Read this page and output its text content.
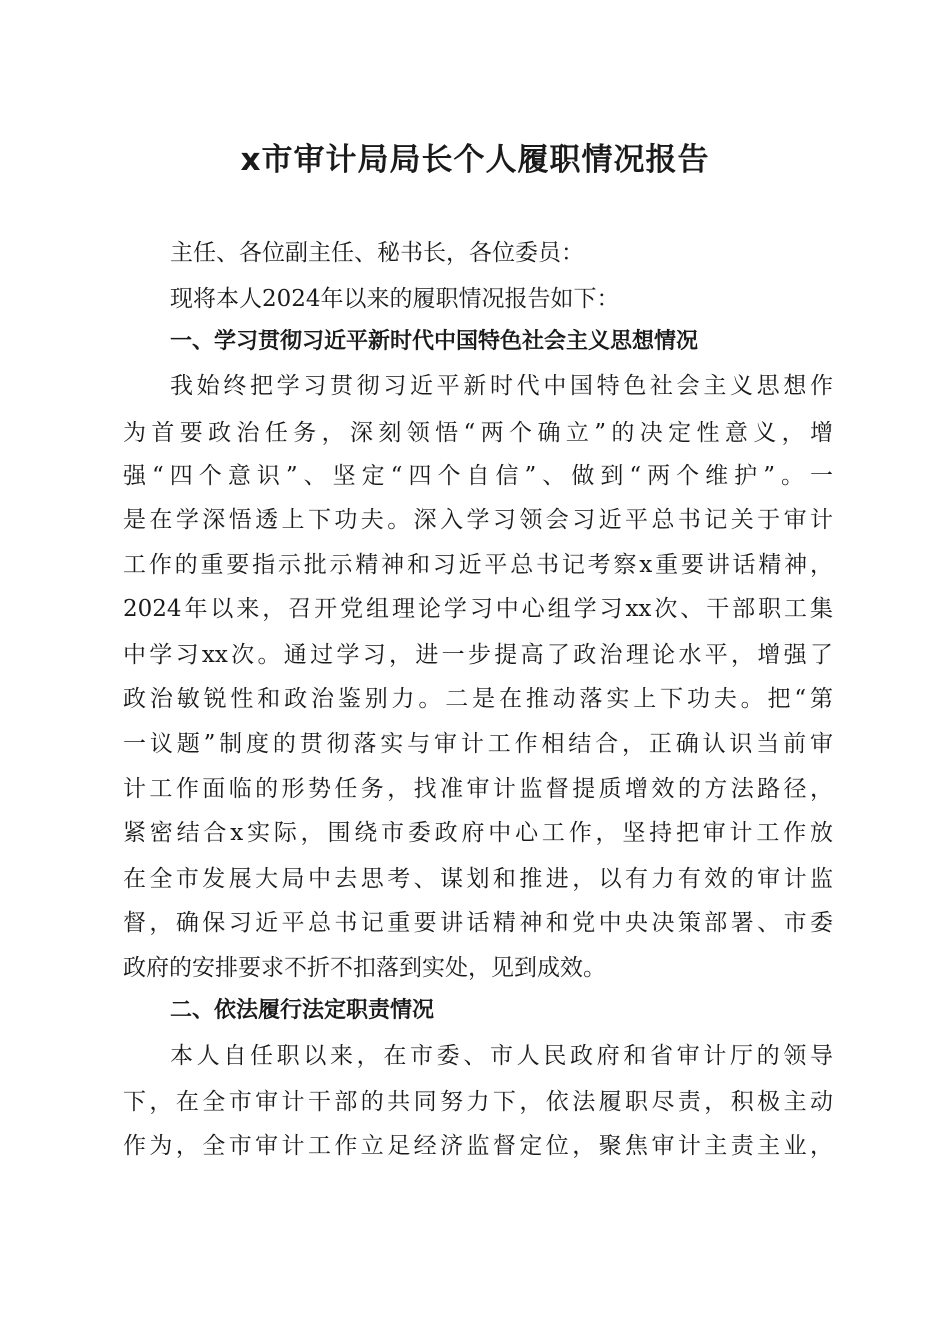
x市审计局局长个人履职情况报告
主任、各位副主任、秘书长，各位委员：
现将本人2024年以来的履职情况报告如下：
一、学习贯彻习近平新时代中国特色社会主义思想情况
我始终把学习贯彻习近平新时代中国特色社会主义思想作
为首要政治任务，深刻领悟“两个确立”的决定性意义，增
强“四个意识”、坚定“四个自信”、做到“两个维护”。一
是在学深悟透上下功夫。深入学习领会习近平总书记关于审计
工作的重要指示批示精神和习近平总书记考察x重要讲话精神，
2024年以来，召开党组理论学习中心组学习xx次、干部职工集
中学习xx次。通过学习，进一步提高了政治理论水平，增强了
政治敏锐性和政治鉴别力。二是在推动落实上下功夫。把“第
一议题”制度的贯彻落实与审计工作相结合，正确认识当前审
计工作面临的形势任务，找准审计监督提质增效的方法路径，
紧密结合x实际，围绕市委政府中心工作，坚持把审计工作放
在全市发展大局中去思考、谋划和推进，以有力有效的审计监
督，确保习近平总书记重要讲话精神和党中央决策部署、市委
政府的安排要求不折不扣落到实处，见到成效。
二、依法履行法定职责情况
本人自任职以来，在市委、市人民政府和省审计厅的领导
下，在全市审计干部的共同努力下，依法履职尽责，积极主动
作为，全市审计工作立足经济监督定位，聚焦审计主责主业，
